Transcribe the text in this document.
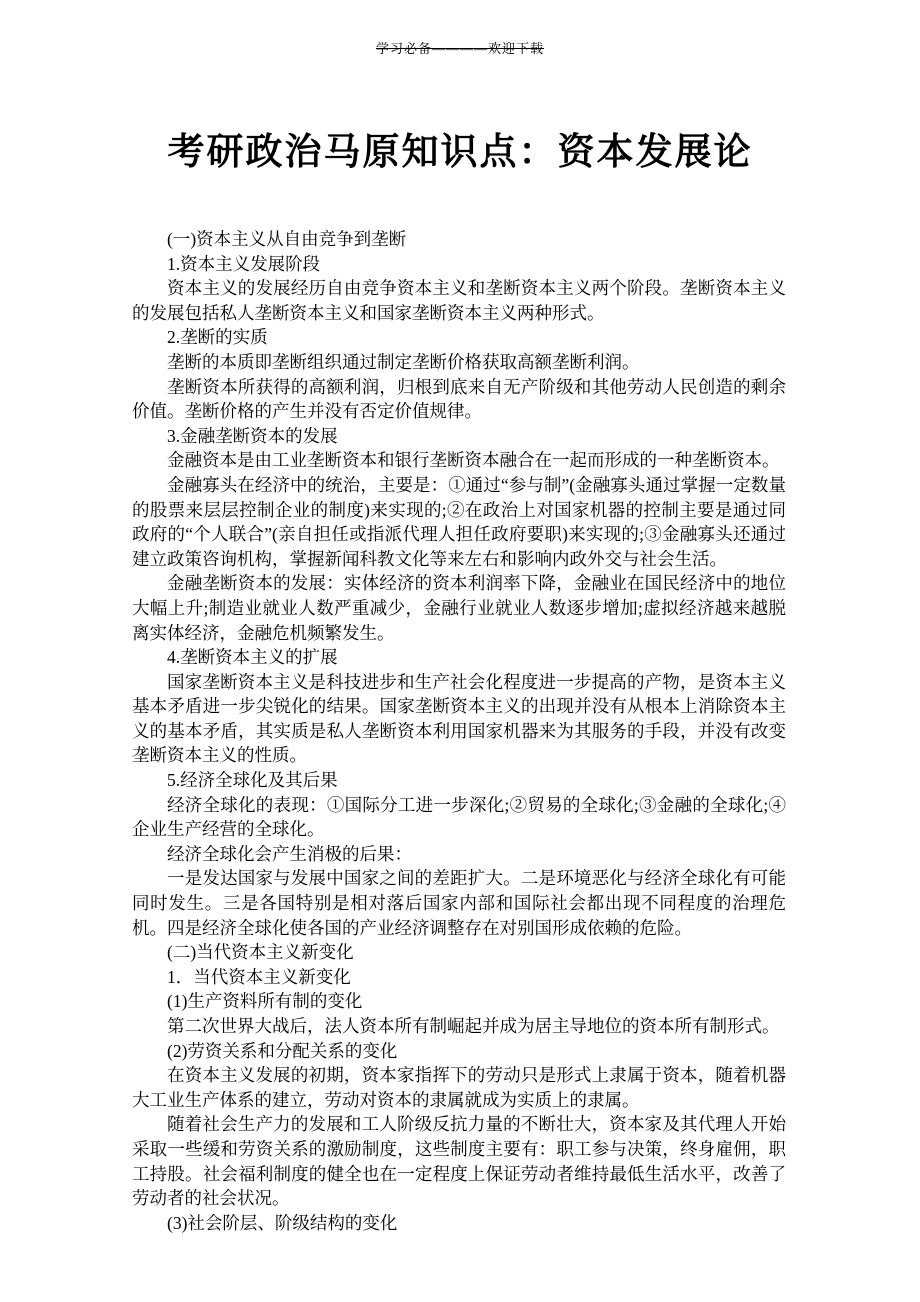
学习必备————欢迎下载
考研政治马原知识点：资本发展论

(一)资本主义从自由竞争到垄断

1.资本主义发展阶段

资本主义的发展经历自由竞争资本主义和垄断资本主义两个阶段。垄断资本主义的发展包括私人垄断资本主义和国家垄断资本主义两种形式。

2.垄断的实质

垄断的本质即垄断组织通过制定垄断价格获取高额垄断利润。

垄断资本所获得的高额利润，归根到底来自无产阶级和其他劳动人民创造的剩余价值。垄断价格的产生并没有否定价值规律。

3.金融垄断资本的发展

金融资本是由工业垄断资本和银行垄断资本融合在一起而形成的一种垄断资本。

金融寡头在经济中的统治，主要是：①通过“参与制”(金融寡头通过掌握一定数量的股票来层层控制企业的制度)来实现的;②在政治上对国家机器的控制主要是通过同政府的“个人联合”(亲自担任或指派代理人担任政府要职)来实现的;③金融寡头还通过建立政策咨询机构，掌握新闻科教文化等来左右和影响内政外交与社会生活。

金融垄断资本的发展：实体经济的资本利润率下降，金融业在国民经济中的地位大幅上升;制造业就业人数严重减少，金融行业就业人数逐步增加;虚拟经济越来越脱离实体经济，金融危机频繁发生。

4.垄断资本主义的扩展

国家垄断资本主义是科技进步和生产社会化程度进一步提高的产物，是资本主义基本矛盾进一步尖锐化的结果。国家垄断资本主义的出现并没有从根本上消除资本主义的基本矛盾，其实质是私人垄断资本利用国家机器来为其服务的手段，并没有改变垄断资本主义的性质。

5.经济全球化及其后果

经济全球化的表现：①国际分工进一步深化;②贸易的全球化;③金融的全球化;④企业生产经营的全球化。

经济全球化会产生消极的后果：

一是发达国家与发展中国家之间的差距扩大。二是环境恶化与经济全球化有可能同时发生。三是各国特别是相对落后国家内部和国际社会都出现不同程度的治理危机。四是经济全球化使各国的产业经济调整存在对别国形成依赖的危险。

(二)当代资本主义新变化

1．当代资本主义新变化

(1)生产资料所有制的变化

第二次世界大战后，法人资本所有制崛起并成为居主导地位的资本所有制形式。

(2)劳资关系和分配关系的变化

在资本主义发展的初期，资本家指挥下的劳动只是形式上隶属于资本，随着机器大工业生产体系的建立，劳动对资本的隶属就成为实质上的隶属。

随着社会生产力的发展和工人阶级反抗力量的不断壮大，资本家及其代理人开始采取一些缓和劳资关系的激励制度，这些制度主要有：职工参与决策，终身雇佣，职工持股。社会福利制度的健全也在一定程度上保证劳动者维持最低生活水平，改善了劳动者的社会状况。

(3)社会阶层、阶级结构的变化
